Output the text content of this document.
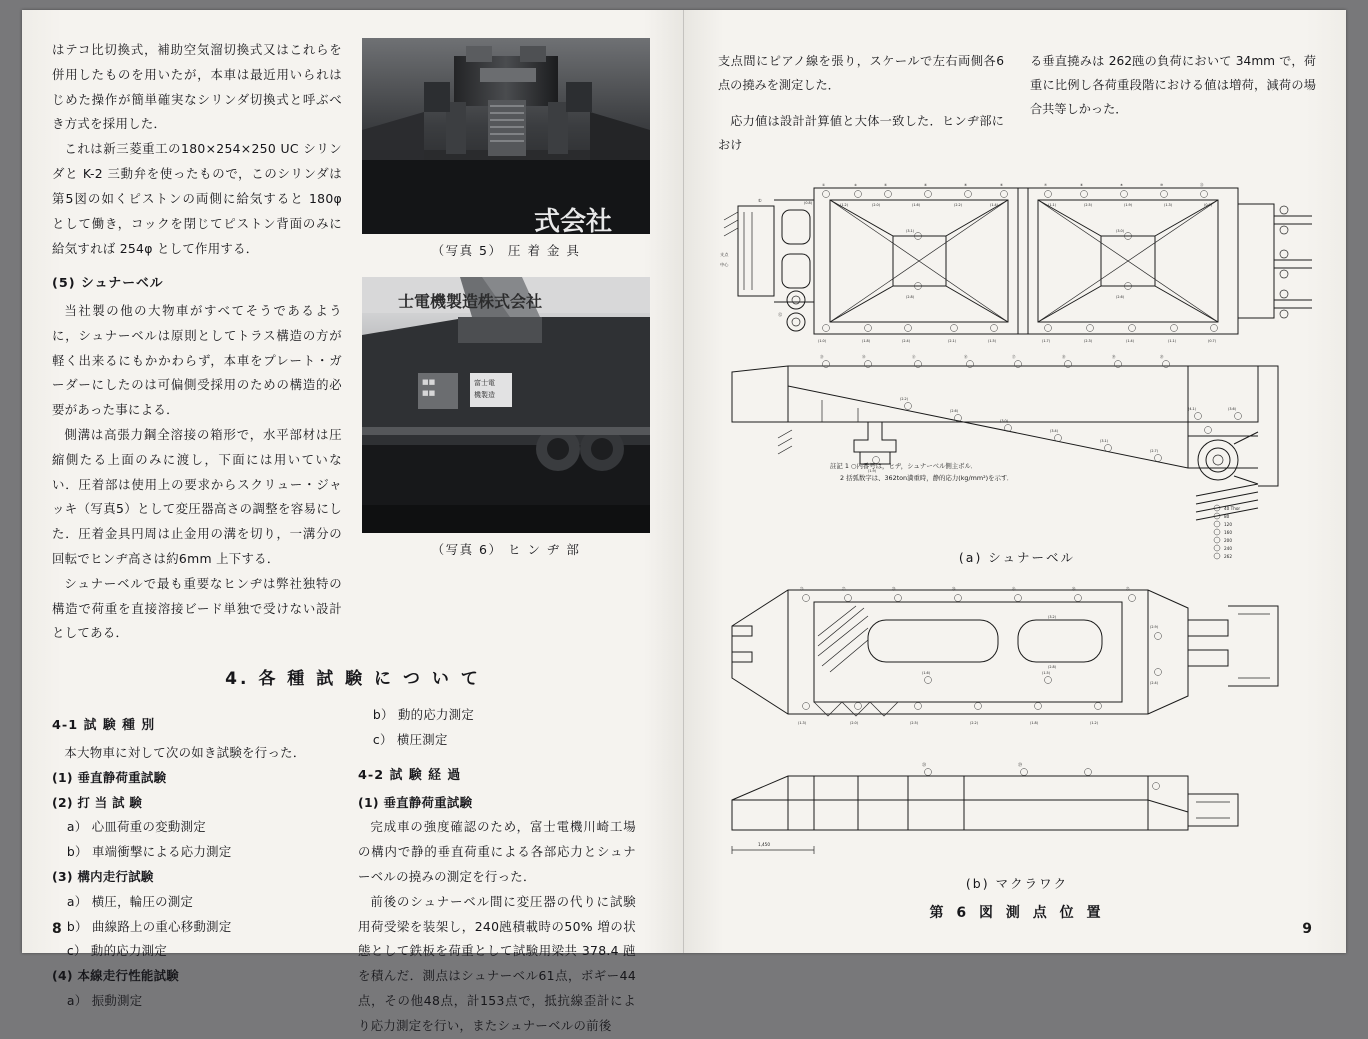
はテコ比切換式，補助空気溜切換式又はこれらを併用したものを用いたが，本車は最近用いられはじめた操作が簡単確実なシリンダ切換式と呼ぶべき方式を採用した．

これは新三菱重工の180×254×250 UC シリンダと K-2 三動弁を使ったもので，このシリンダは第5図の如くピストンの両側に給気すると 180φ として働き，コックを閉じてピストン背面のみに給気すれば 254φ として作用する．

(5) シュナーベル

当社製の他の大物車がすべてそうであるように，シュナーベルは原則としてトラス構造の方が軽く出来るにもかかわらず，本車をプレート・ガーダーにしたのは可偏側受採用のための構造的必要があった事による．

側溝は高張力鋼全溶接の箱形で，水平部材は圧縮側たる上面のみに渡し，下面には用いていない．圧着部は使用上の要求からスクリュー・ジャッキ（写真5）として変圧器高さの調整を容易にした．圧着金具円周は止金用の溝を切り，一溝分の回転でヒンヂ高さは約6mm 上下する．

シュナーベルで最も重要なヒンヂは弊社独特の構造で荷重を直接溶接ビード単独で受けない設計としてある．

式会社
（写真 5） 圧 着 金 具
士電機製造株式会社
■■
■■
富士電
機製造
（写真 6） ヒ ン ヂ 部
4. 各 種 試 験 に つ い て
4-1 試 験 種 別

本大物車に対して次の如き試験を行った．

(1) 垂直静荷重試験

(2) 打 当 試 験

a） 心皿荷重の変動測定

b） 車端衝撃による応力測定

(3) 構内走行試験

a） 横圧，輪圧の測定

b） 曲線路上の重心移動測定

c） 動的応力測定

(4) 本線走行性能試験

a） 振動測定

b） 動的応力測定

c） 横圧測定

4-2 試 験 経 過

(1) 垂直静荷重試験

完成車の強度確認のため，富士電機川崎工場の構内で静的垂直荷重による各部応力とシュナーベルの撓みの測定を行った．

前後のシュナーベル間に変圧器の代りに試験用荷受梁を装架し，240瓲積載時の50% 増の状態として鉄板を荷重として試験用梁共 378.4 瓲を積んだ．測点はシュナーベル61点，ボギー44点，その他48点，計153点で，抵抗線歪計により応力測定を行い，またシュナーベルの前後

8

支点間にピアノ線を張り，スケールで左右両側各6点の撓みを測定した．

応力値は設計計算値と大体一致した．ヒンヂ部におけ

る垂直撓みは 262瓲の負荷において 34mm で，荷重に比例し各荷重段階における値は増荷，減荷の場合共等しかった．

①	②	③	④	⑤	⑥	⑦	⑧	⑨	⑩	⑪
(0.8)	(1.2)	(2.0)	(1.6)	(2.2)	(1.4)	(1.1)	(2.5)	(1.9)	(1.3)	(0.9)
(1.0)	(1.8)	(2.4)	(2.1)	(1.5)	(1.7)	(2.3)	(1.4)	(1.1)	(0.7)
(3.1)
(2.8)
(3.0)
(2.6)
支点
中心
①
⑫
⑬	⑭	⑮	⑯	⑰	⑱	⑲	⑳
(2.2)
(2.6)
(3.0)
(3.4)
(3.1)
(2.7)
(4.1)	(3.6)
(1.9)
40 Thor
80
120
160
200
240
262
註記 1 ○内番号は，ヒヂ，シュナーベル側主ボル．
2 括弧数字は、362ton満重時，静的応力(kg/mm²)を示す．
(a) シュナーベル
㉑	㉒	㉓	㉔	㉕	㉖	㉗
(1.3)	(2.0)	(2.5)	(2.2)	(1.8)	(1.2)
(2.9)
(2.4)
(1.6)	(1.5)
(3.2)
(2.8)
1,450
㉘	㉙
(b) マクラワク
第 6 図 測 点 位 置
9
